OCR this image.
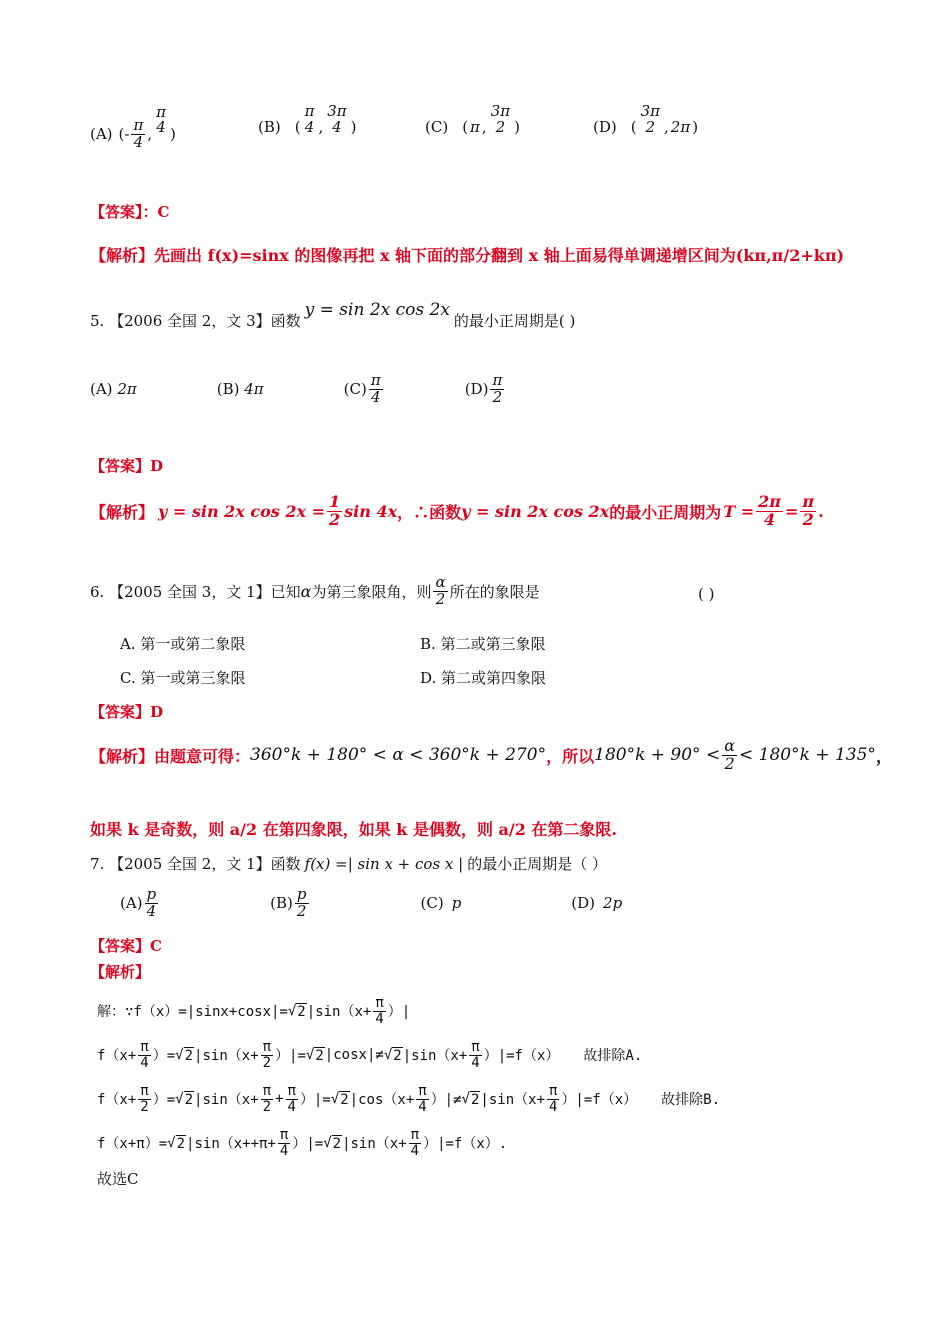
(A) (- $\frac{\pi}{4}$ ,
π
4 )	(B) (
π
4 ,
3π
4 )	(C) ( π ,
3π
2 )	(D) (
3π
2 , 2π )
【答案】：C
【解析】先画出 f(x)=sinx 的图像再把 x 轴下面的部分翻到 x 轴上面易得单调递增区间为(kπ,π/2+kπ)
5. 【2006 全国 2，文 3】函数
y = sin 2x cos 2x
的最小正周期是( )
(A) 2π	(B) 4π	$(C) \frac{\pi}{4}$	$(D) \frac{\pi}{2}$
【答案】D
【解析】 y = sin 2x $\cos 2x = \frac{1}{2}$ sin 4x ，∴函数 y = sin 2x cos 2x 的最小正周期为 $T = \frac{2\pi}{4} = \frac{\pi}{2}$ .
6. 【2005 全国 3，文 1】已知 α 为第三象限角，则 $\frac{\alpha}{2}$ 所在的象限是	( )
A. 第一或第二象限	B. 第二或第三象限
C. 第一或第三象限	D. 第二或第四象限
【答案】D
【解析】由题意可得： 360°k + 180° < α < 360°k + 270° ，所以 $180^\circ k + 90^\circ < \frac{\alpha}{2} < 180^\circ k + 135^\circ$ ，
如果 k 是奇数，则 a/2 在第四象限，如果 k 是偶数，则 a/2 在第二象限.
7. 【2005 全国 2，文 1】函数 f(x) =| sin x + cos x | 的最小正周期是（ ）
$(A) \frac{p}{4}$	$(B) \frac{p}{2}$	(C) p	(D) 2p
【答案】C
【解析】
解：∵f（x）=|sinx+cosx|= √ 2 $|\sin(x+ \frac{\pi}{4}$ ）|
$f(x+ \frac{\pi}{4}$ ）= √ 2 $|\sin(x+ \frac{\pi}{2}$ ）|= √ 2 |cosx|≠ √ 2 $|\sin(x+ \frac{\pi}{4} )|=f(x)$ 故排除A.
$f(x+ \frac{\pi}{2}$ ）= √ 2 $|\sin(x+ \frac{\pi}{2} + \frac{\pi}{4}$ ）|= √ 2 $|\cos(x+ \frac{\pi}{4}$ ）|≠ √ 2 $|\sin(x+ \frac{\pi}{4} )|=f(x)$ 故排除B.
f（x+π）= √ 2 $|\sin(x++\pi+ \frac{\pi}{4}$ ）|= √ 2 $|\sin(x+ \frac{\pi}{4} )|=f(x)$.
故选C
